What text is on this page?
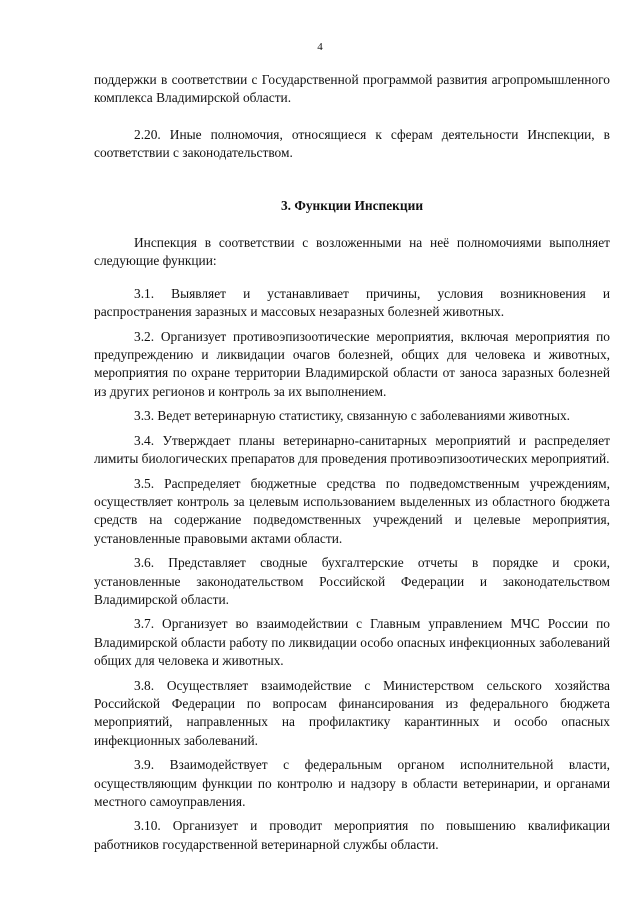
4

поддержки в соответствии с Государственной программой развития агропромышленного комплекса Владимирской области.

2.20. Иные полномочия, относящиеся к сферам деятельности Инспекции, в соответствии с законодательством.

3. Функции Инспекции

Инспекция в соответствии с возложенными на неё полномочиями выполняет следующие функции:

3.1. Выявляет и устанавливает причины, условия возникновения и распространения заразных и массовых незаразных болезней животных.

3.2. Организует противоэпизоотические мероприятия, включая мероприятия по предупреждению и ликвидации очагов болезней, общих для человека и животных, мероприятия по охране территории Владимирской области от заноса заразных болезней из других регионов и контроль за их выполнением.

3.3. Ведет ветеринарную статистику, связанную с заболеваниями животных.

3.4. Утверждает планы ветеринарно-санитарных мероприятий и распределяет лимиты биологических препаратов для проведения противоэпизоотических мероприятий.

3.5. Распределяет бюджетные средства по подведомственным учреждениям, осуществляет контроль за целевым использованием выделенных из областного бюджета средств на содержание подведомственных учреждений и целевые мероприятия, установленные правовыми актами области.

3.6. Представляет сводные бухгалтерские отчеты в порядке и сроки, установленные законодательством Российской Федерации и законодательством Владимирской области.

3.7. Организует во взаимодействии с Главным управлением МЧС России по Владимирской области работу по ликвидации особо опасных инфекционных заболеваний общих для человека и животных.

3.8. Осуществляет взаимодействие с Министерством сельского хозяйства Российской Федерации по вопросам финансирования из федерального бюджета мероприятий, направленных на профилактику карантинных и особо опасных инфекционных заболеваний.

3.9. Взаимодействует с федеральным органом исполнительной власти, осуществляющим функции по контролю и надзору в области ветеринарии, и органами местного самоуправления.

3.10. Организует и проводит мероприятия по повышению квалификации работников государственной ветеринарной службы области.
